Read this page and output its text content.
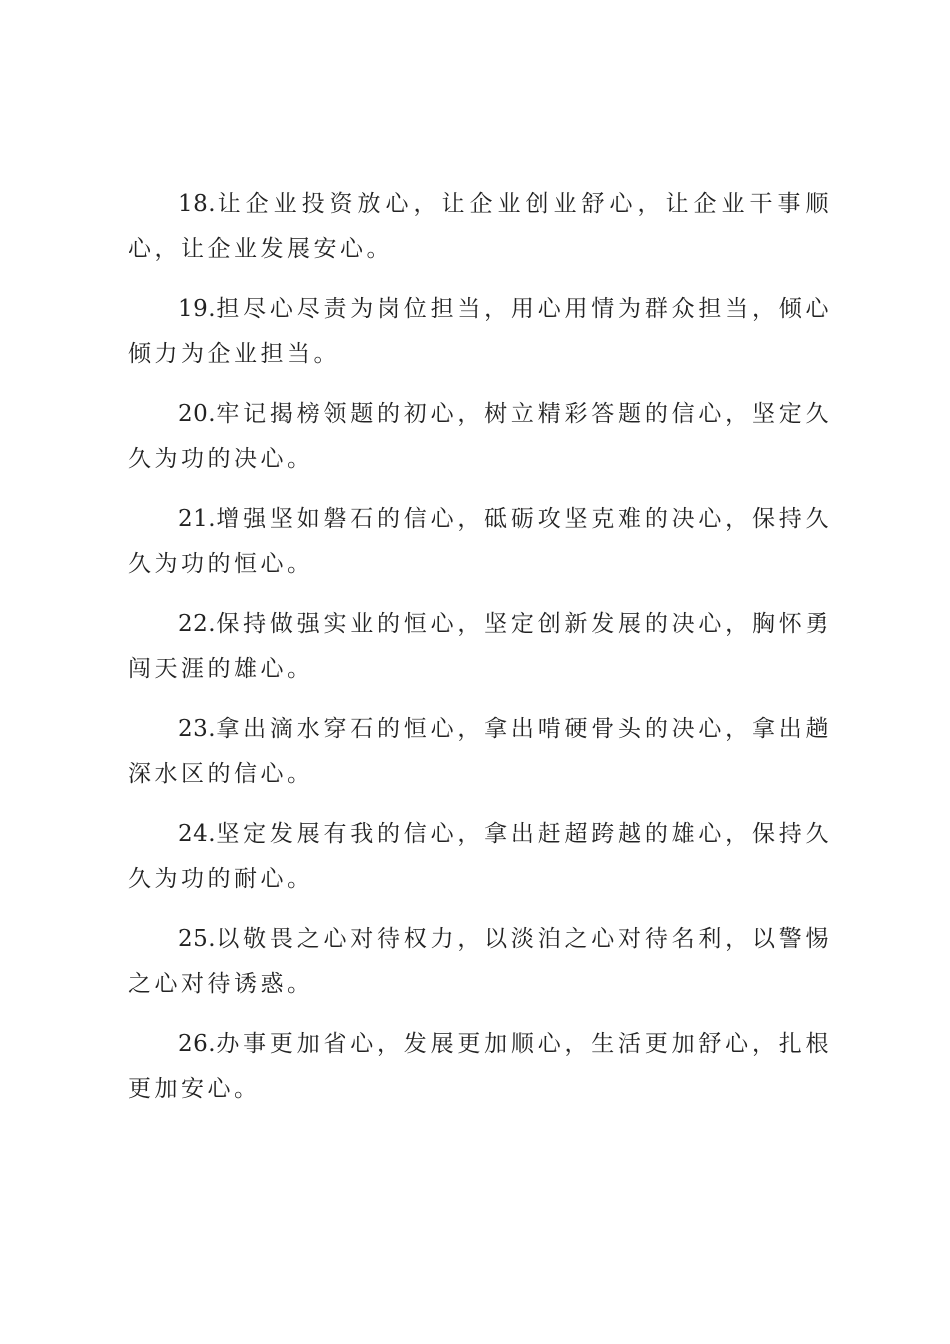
18.让企业投资放心，让企业创业舒心，让企业干事顺心，让企业发展安心。

19.担尽心尽责为岗位担当，用心用情为群众担当，倾心倾力为企业担当。

20.牢记揭榜领题的初心，树立精彩答题的信心，坚定久久为功的决心。

21.增强坚如磐石的信心，砥砺攻坚克难的决心，保持久久为功的恒心。

22.保持做强实业的恒心，坚定创新发展的决心，胸怀勇闯天涯的雄心。

23.拿出滴水穿石的恒心，拿出啃硬骨头的决心，拿出趟深水区的信心。

24.坚定发展有我的信心，拿出赶超跨越的雄心，保持久久为功的耐心。

25.以敬畏之心对待权力，以淡泊之心对待名利，以警惕之心对待诱惑。

26.办事更加省心，发展更加顺心，生活更加舒心，扎根更加安心。
